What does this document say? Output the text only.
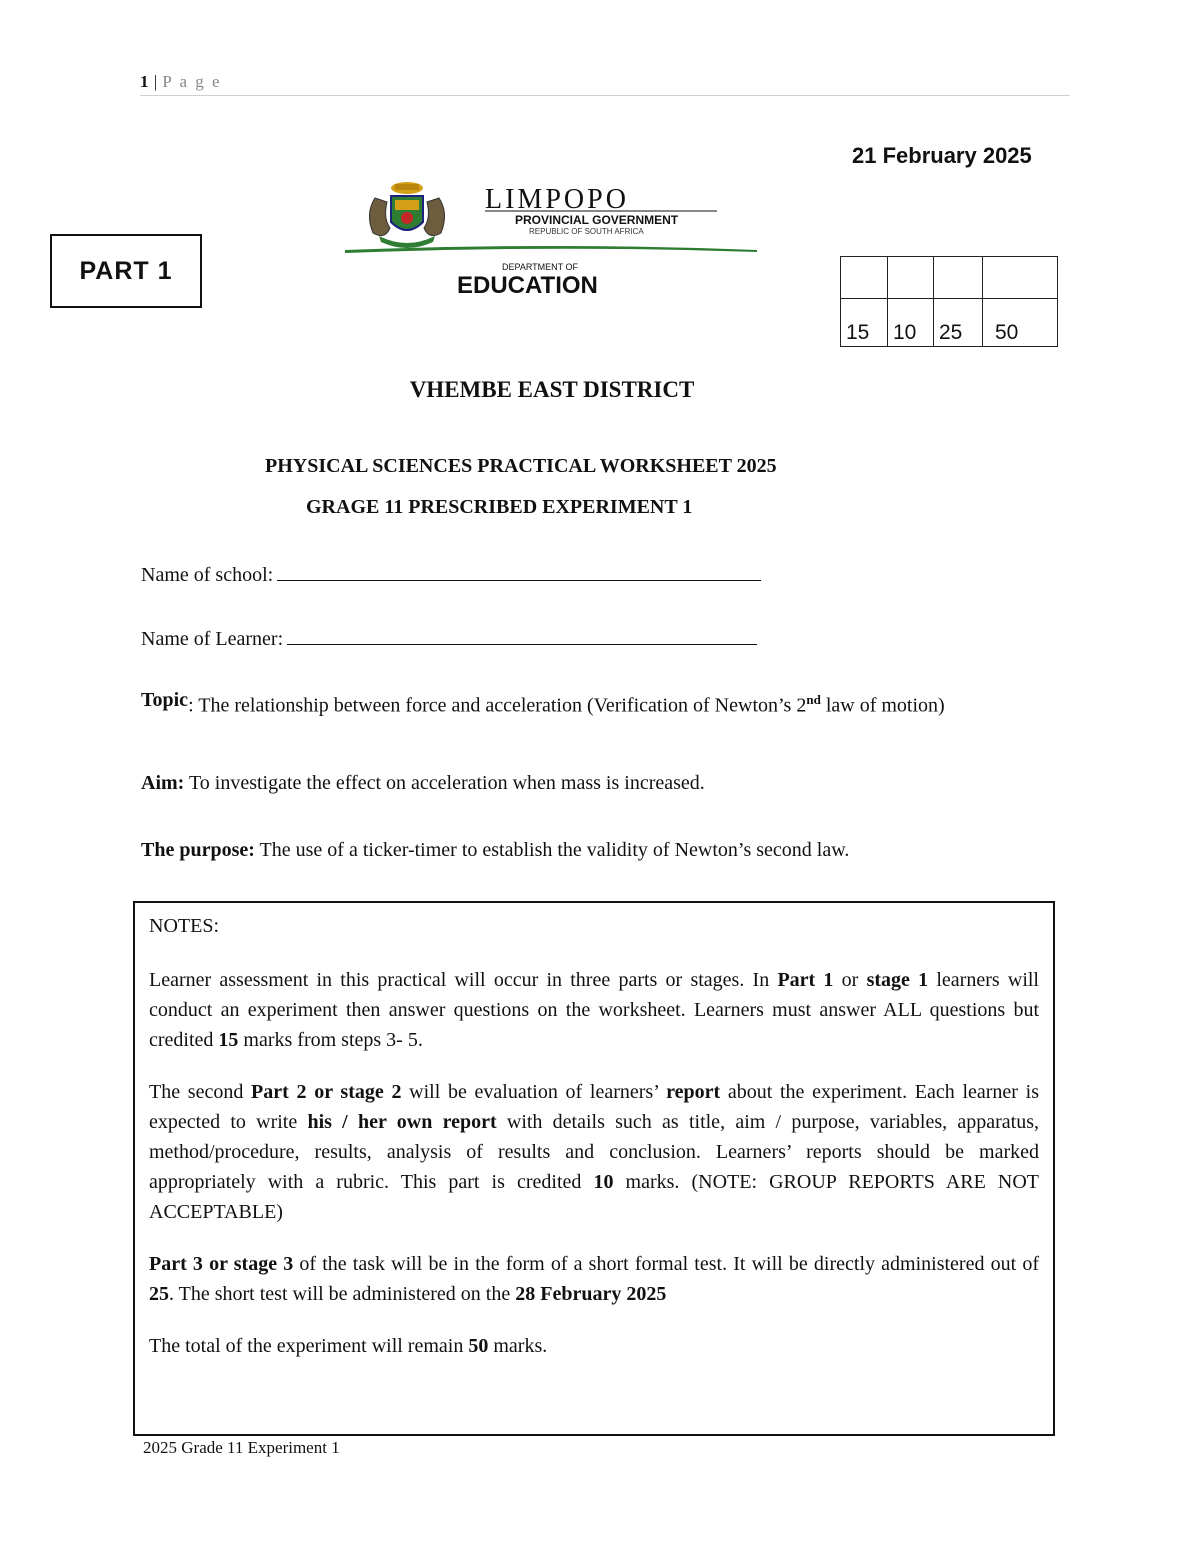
1 | P a g e
21 February 2025
PART 1
LIMPOPO
PROVINCIAL GOVERNMENT
REPUBLIC OF SOUTH AFRICA
DEPARTMENT OF
EDUCATION

15	10	25	50
VHEMBE EAST DISTRICT
PHYSICAL SCIENCES PRACTICAL WORKSHEET 2025
GRAGE 11 PRESCRIBED EXPERIMENT 1
Name of school:
Name of Learner:
Topic : The relationship between force and acceleration (Verification of Newton’s 2nd law of motion)
Aim: To investigate the effect on acceleration when mass is increased.
The purpose: The use of a ticker-timer to establish the validity of Newton’s second law.

NOTES:

Learner assessment in this practical will occur in three parts or stages. In Part 1 or stage 1 learners will conduct an experiment then answer questions on the worksheet. Learners must answer ALL questions but credited 15 marks from steps 3- 5.

The second Part 2 or stage 2 will be evaluation of learners’ report about the experiment. Each learner is expected to write his / her own report with details such as title, aim / purpose, variables, apparatus, method/procedure, results, analysis of results and conclusion. Learners’ reports should be marked appropriately with a rubric. This part is credited 10 marks. (NOTE: GROUP REPORTS ARE NOT ACCEPTABLE)

Part 3 or stage 3 of the task will be in the form of a short formal test. It will be directly administered out of 25. The short test will be administered on the 28 February 2025

The total of the experiment will remain 50 marks.

2025 Grade 11 Experiment 1
